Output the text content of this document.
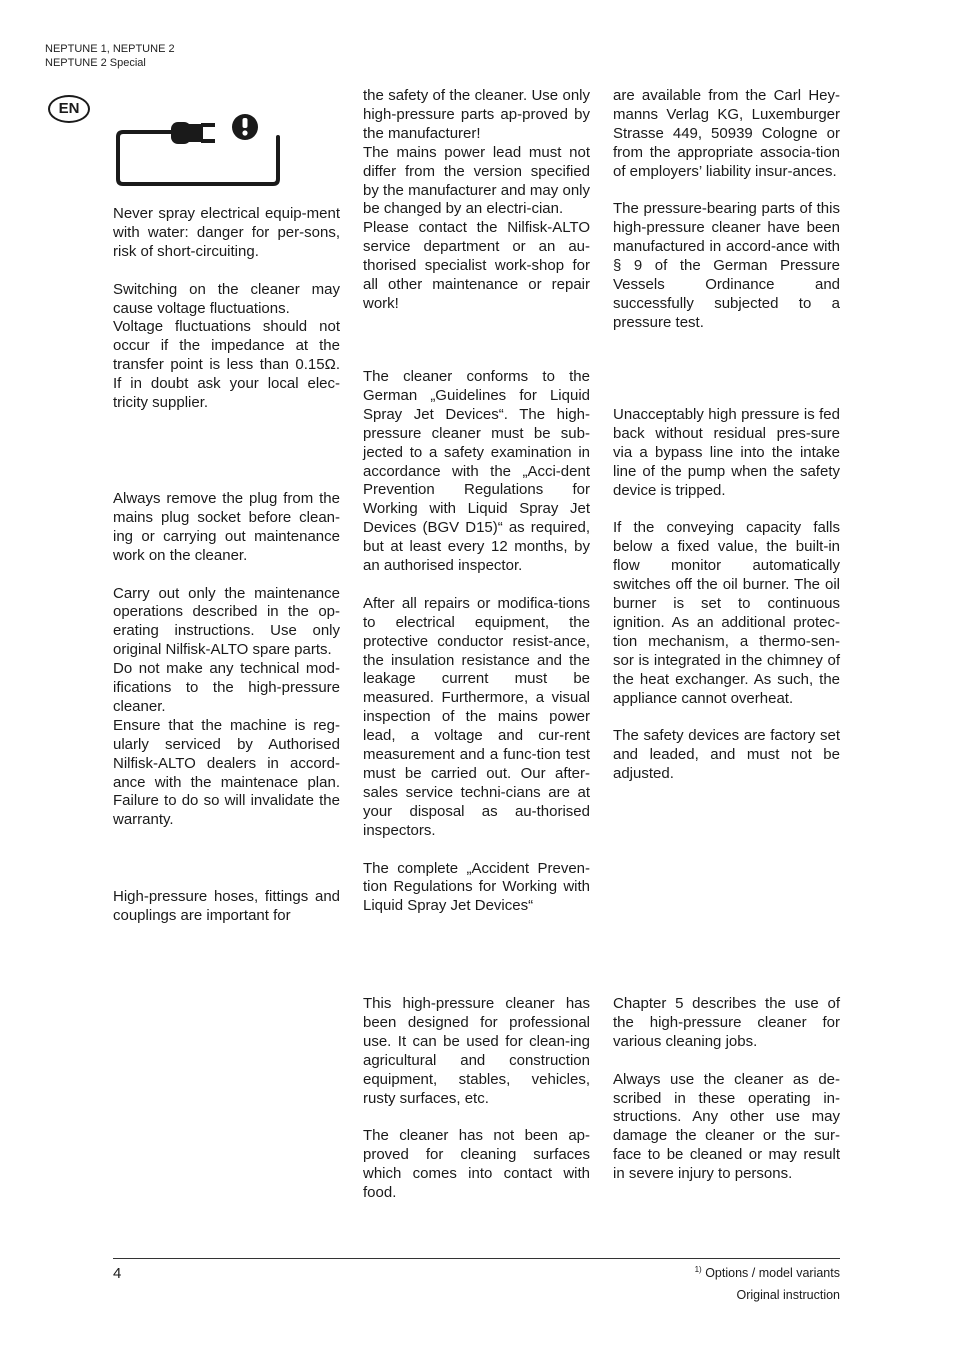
NEPTUNE 1, NEPTUNE 2
NEPTUNE 2 Special
EN

Never spray electrical equip-ment with water: danger for per-sons, risk of short-circuiting.

Switching on the cleaner may cause voltage fluctuations.

Voltage fluctuations should not occur if the impedance at the transfer point is less than 0.15Ω. If in doubt ask your local elec-tricity supplier.

Always remove the plug from the mains plug socket before clean-ing or carrying out maintenance work on the cleaner.

Carry out only the maintenance operations described in the op-erating instructions. Use only original Nilfisk-ALTO spare parts.

Do not make any technical mod-ifications to the high-pressure cleaner.

Ensure that the machine is reg-ularly serviced by Authorised Nilfisk-ALTO dealers in accord-ance with the maintenace plan. Failure to do so will invalidate the warranty.

High-pressure hoses, fittings and couplings are important for

the safety of the cleaner. Use only high-pressure parts ap-proved by the manufacturer!

The mains power lead must not differ from the version specified by the manufacturer and may only be changed by an electri-cian.

Please contact the Nilfisk-ALTO service department or an au-thorised specialist work-shop for all other maintenance or repair work!

The cleaner conforms to the German „Guidelines for Liquid Spray Jet Devices“. The high-pressure cleaner must be sub-jected to a safety examination in accordance with the „Acci-dent Prevention Regulations for Working with Liquid Spray Jet Devices (BGV D15)“ as required, but at least every 12 months, by an authorised inspector.

After all repairs or modifica-tions to electrical equipment, the protective conductor resist-ance, the insulation resistance and the leakage current must be measured. Furthermore, a visual inspection of the mains power lead, a voltage and cur-rent measurement and a func-tion test must be carried out. Our after-sales service techni-cians are at your disposal as au-thorised inspectors.

The complete „Accident Preven-tion Regulations for Working with Liquid Spray Jet Devices“

This high-pressure cleaner has been designed for professional use. It can be used for clean-ing agricultural and construction equipment, stables, vehicles, rusty surfaces, etc.

The cleaner has not been ap-proved for cleaning surfaces which comes into contact with food.

are available from the Carl Hey-manns Verlag KG, Luxemburger Strasse 449, 50939 Cologne or from the appropriate associa-tion of employers’ liability insur-ances.

The pressure-bearing parts of this high-pressure cleaner have been manufactured in accord-ance with § 9 of the German Pressure Vessels Ordinance and successfully subjected to a pressure test.

Unacceptably high pressure is fed back without residual pres-sure via a bypass line into the intake line of the pump when the safety device is tripped.

If the conveying capacity falls below a fixed value, the built-in flow monitor automatically switches off the oil burner. The oil burner is set to continuous ignition. As an additional protec-tion mechanism, a thermo-sen-sor is integrated in the chimney of the heat exchanger. As such, the appliance cannot overheat.

The safety devices are factory set and leaded, and must not be adjusted.

Chapter 5 describes the use of the high-pressure cleaner for various cleaning jobs.

Always use the cleaner as de-scribed in these operating in-structions. Any other use may damage the cleaner or the sur-face to be cleaned or may result in severe injury to persons.

4	$^{1)}$ Options / model variants
Original instruction
